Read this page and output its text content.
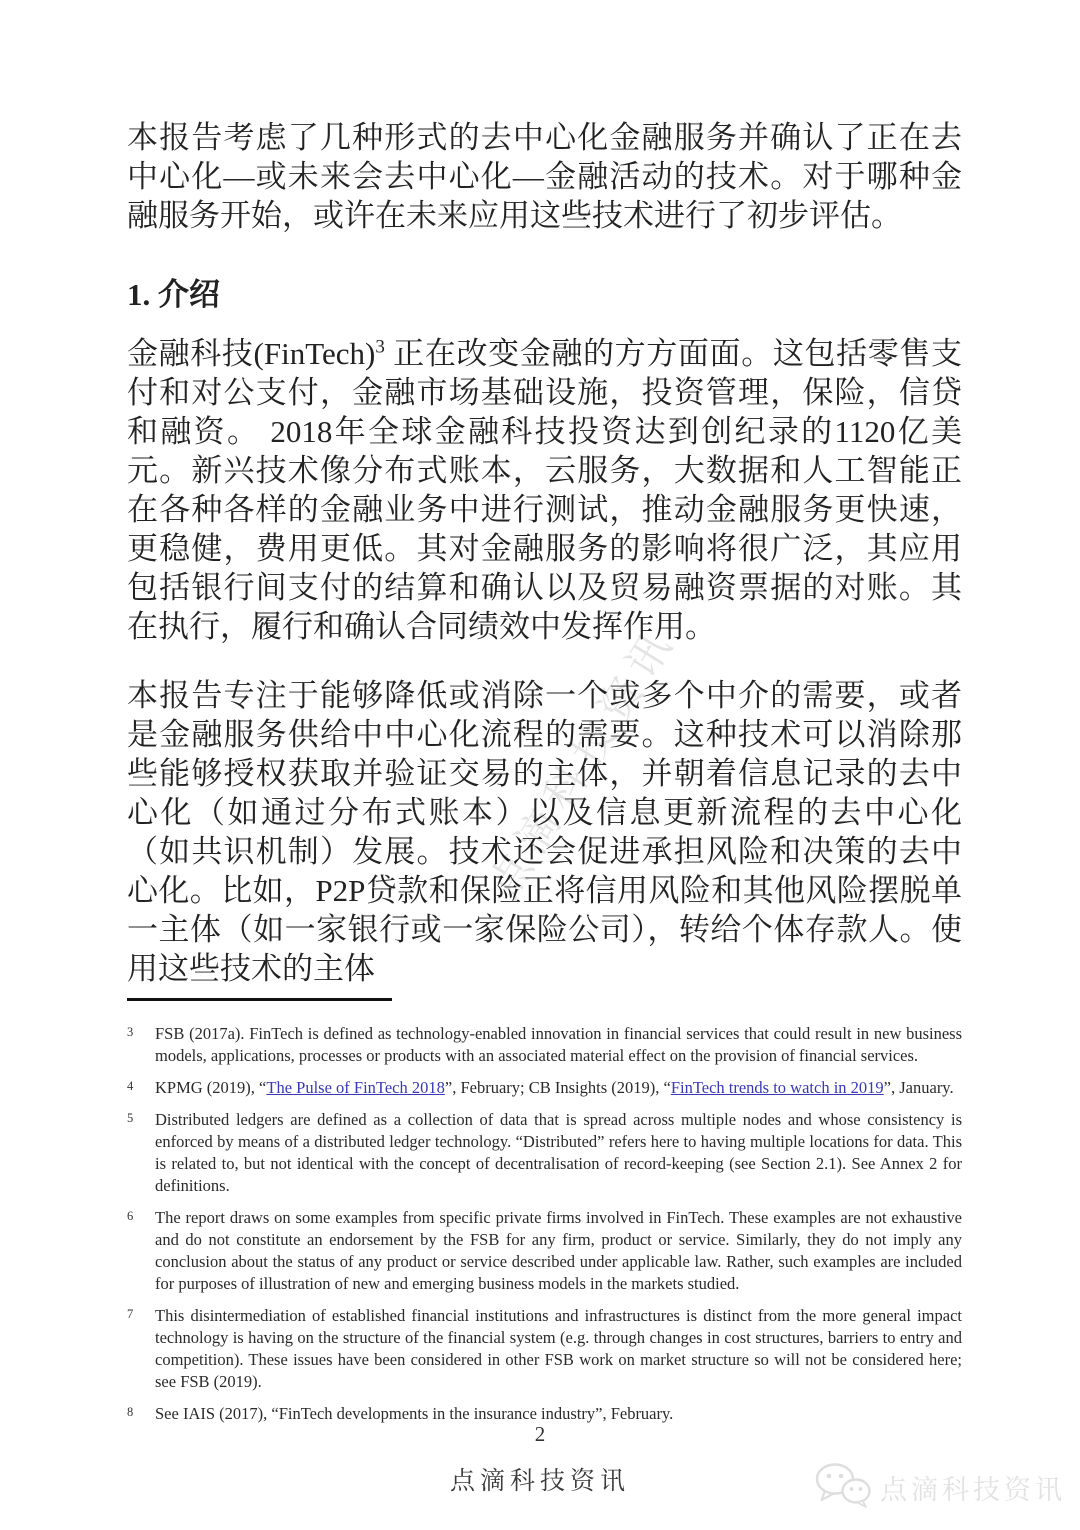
点滴科技资讯

本报告考虑了几种形式的去中心化金融服务并确认了正在去中心化—或未来会去中心化—金融活动的技术。对于哪种金融服务开始，或许在未来应用这些技术进行了初步评估。

1. 介绍

金融科技(FinTech)$^3$ 正在改变金融的方方面面。这包括零售支付和对公支付，金融市场基础设施，投资管理，保险，信贷和融资。 2018年全球金融科技投资达到创纪录的1120亿美元。新兴技术像分布式账本，云服务，大数据和人工智能正在各种各样的金融业务中进行测试，推动金融服务更快速，更稳健，费用更低。其对金融服务的影响将很广泛，其应用包括银行间支付的结算和确认以及贸易融资票据的对账。其在执行，履行和确认合同绩效中发挥作用。

本报告专注于能够降低或消除一个或多个中介的需要，或者是金融服务供给中中心化流程的需要。这种技术可以消除那些能够授权获取并验证交易的主体，并朝着信息记录的去中心化（如通过分布式账本）以及信息更新流程的去中心化（如共识机制）发展。技术还会促进承担风险和决策的去中心化。比如，P2P贷款和保险正将信用风险和其他风险摆脱单一主体（如一家银行或一家保险公司），转给个体存款人。使用这些技术的主体

3	FSB (2017a). FinTech is defined as technology-enabled innovation in financial services that could result in new business models, applications, processes or products with an associated material effect on the provision of financial services.
4	KPMG (2019), “The Pulse of FinTech 2018”, February; CB Insights (2019), “FinTech trends to watch in 2019”, January.
5	Distributed ledgers are defined as a collection of data that is spread across multiple nodes and whose consistency is enforced by means of a distributed ledger technology. “Distributed” refers here to having multiple locations for data. This is related to, but not identical with the concept of decentralisation of record-keeping (see Section 2.1). See Annex 2 for definitions.
6	The report draws on some examples from specific private firms involved in FinTech. These examples are not exhaustive and do not constitute an endorsement by the FSB for any firm, product or service. Similarly, they do not imply any conclusion about the status of any product or service described under applicable law. Rather, such examples are included for purposes of illustration of new and emerging business models in the markets studied.
7	This disintermediation of established financial institutions and infrastructures is distinct from the more general impact technology is having on the structure of the financial system (e.g. through changes in cost structures, barriers to entry and competition). These issues have been considered in other FSB work on market structure so will not be considered here; see FSB (2019).
8	See IAIS (2017), “FinTech developments in the insurance industry”, February.
2
点滴科技资讯	点滴科技资讯
